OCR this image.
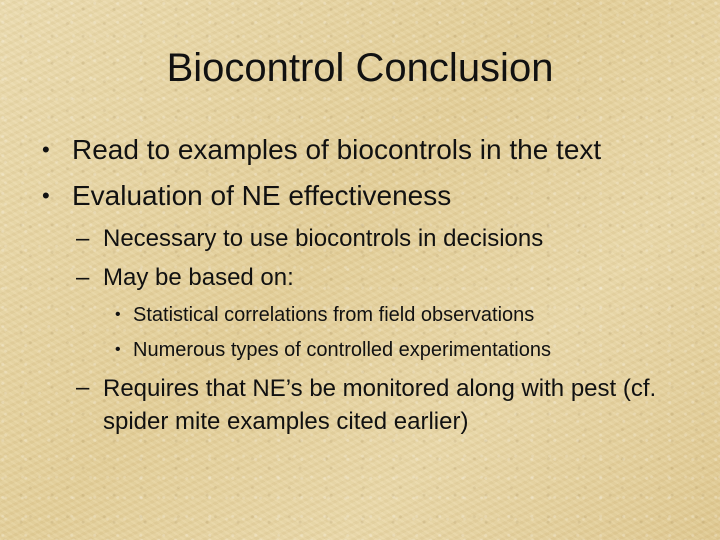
Biocontrol Conclusion
• Read to examples of biocontrols in the text
• Evaluation of NE effectiveness
– Necessary to use biocontrols in decisions
– May be based on:
• Statistical correlations from field observations
• Numerous types of controlled experimentations
– Requires that NE’s be monitored along with pest (cf. spider mite examples cited earlier)
